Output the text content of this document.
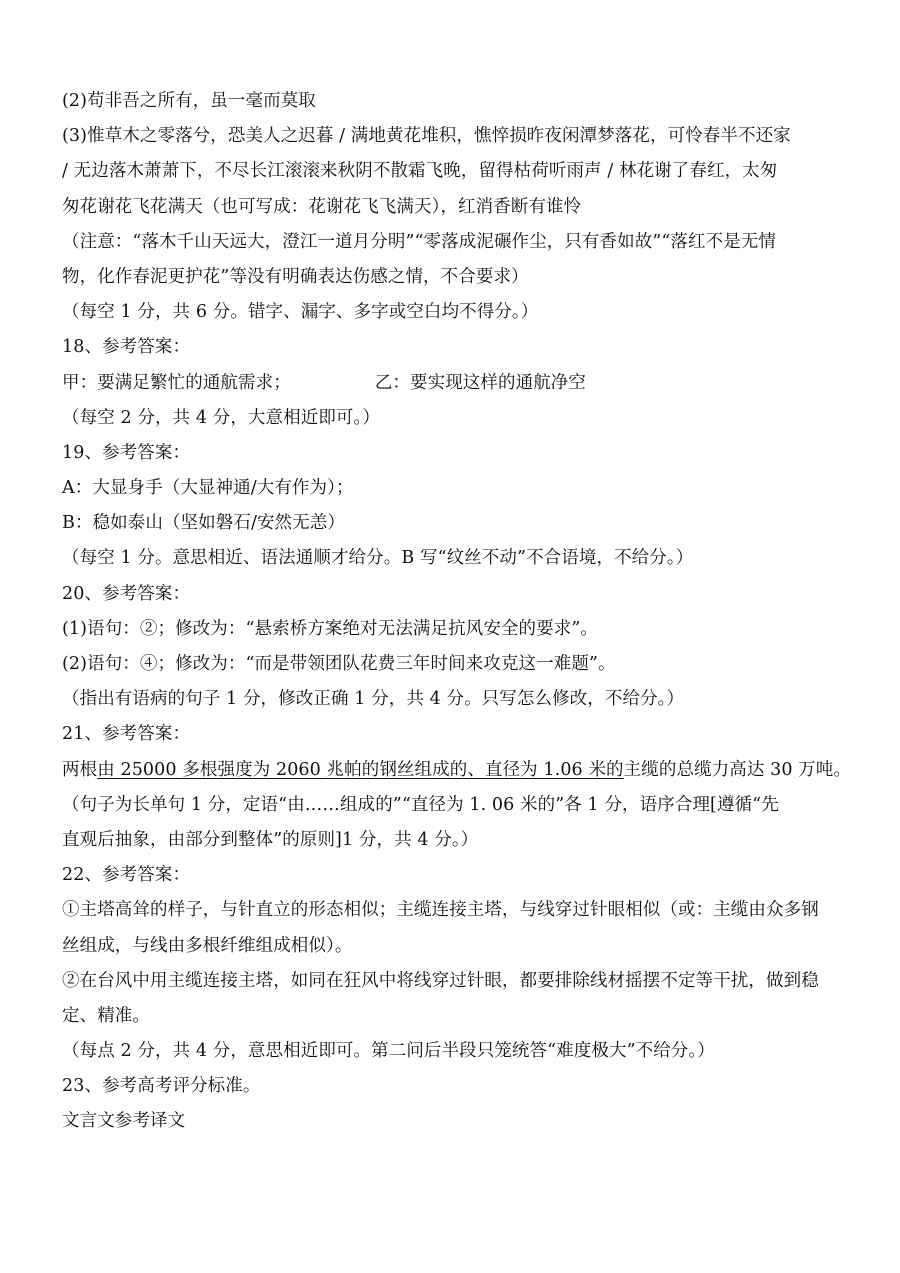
(2)苟非吾之所有，虽一毫而莫取
(3)惟草木之零落兮，恐美人之迟暮 / 满地黄花堆积，憔悴损昨夜闲潭梦落花，可怜春半不还家
/ 无边落木萧萧下，不尽长江滚滚来秋阴不散霜飞晚，留得枯荷听雨声 / 林花谢了春红，太匆
匆花谢花飞花满天（也可写成：花谢花飞飞满天），红消香断有谁怜
（注意：“落木千山天远大，澄江一道月分明”“零落成泥碾作尘，只有香如故”“落红不是无情
物，化作春泥更护花”等没有明确表达伤感之情，不合要求）
（每空 1 分，共 6 分。错字、漏字、多字或空白均不得分。）
18、参考答案：
甲：要满足繁忙的通航需求；	乙：要实现这样的通航净空
（每空 2 分，共 4 分，大意相近即可。）
19、参考答案：
A：大显身手（大显神通/大有作为）；
B：稳如泰山（坚如磐石/安然无恙）
（每空 1 分。意思相近、语法通顺才给分。B 写“纹丝不动”不合语境，不给分。）
20、参考答案：
(1)语句：②；修改为：“悬索桥方案绝对无法满足抗风安全的要求”。
(2)语句：④；修改为：“而是带领团队花费三年时间来攻克这一难题”。
（指出有语病的句子 1 分，修改正确 1 分，共 4 分。只写怎么修改，不给分。）
21、参考答案：
两根由 25000 多根强度为 2060 兆帕的钢丝组成的、直径为 1.06 米的主缆的总缆力高达 30 万吨。
（句子为长单句 1 分，定语“由……组成的”“直径为 1. 06 米的”各 1 分，语序合理[遵循“先
直观后抽象，由部分到整体”的原则]1 分，共 4 分。）
22、参考答案：
①主塔高耸的样子，与针直立的形态相似；主缆连接主塔，与线穿过针眼相似（或：主缆由众多钢
丝组成，与线由多根纤维组成相似）。
②在台风中用主缆连接主塔，如同在狂风中将线穿过针眼，都要排除线材摇摆不定等干扰，做到稳
定、精准。
（每点 2 分，共 4 分，意思相近即可。第二问后半段只笼统答“难度极大”不给分。）
23、参考高考评分标准。
文言文参考译文
